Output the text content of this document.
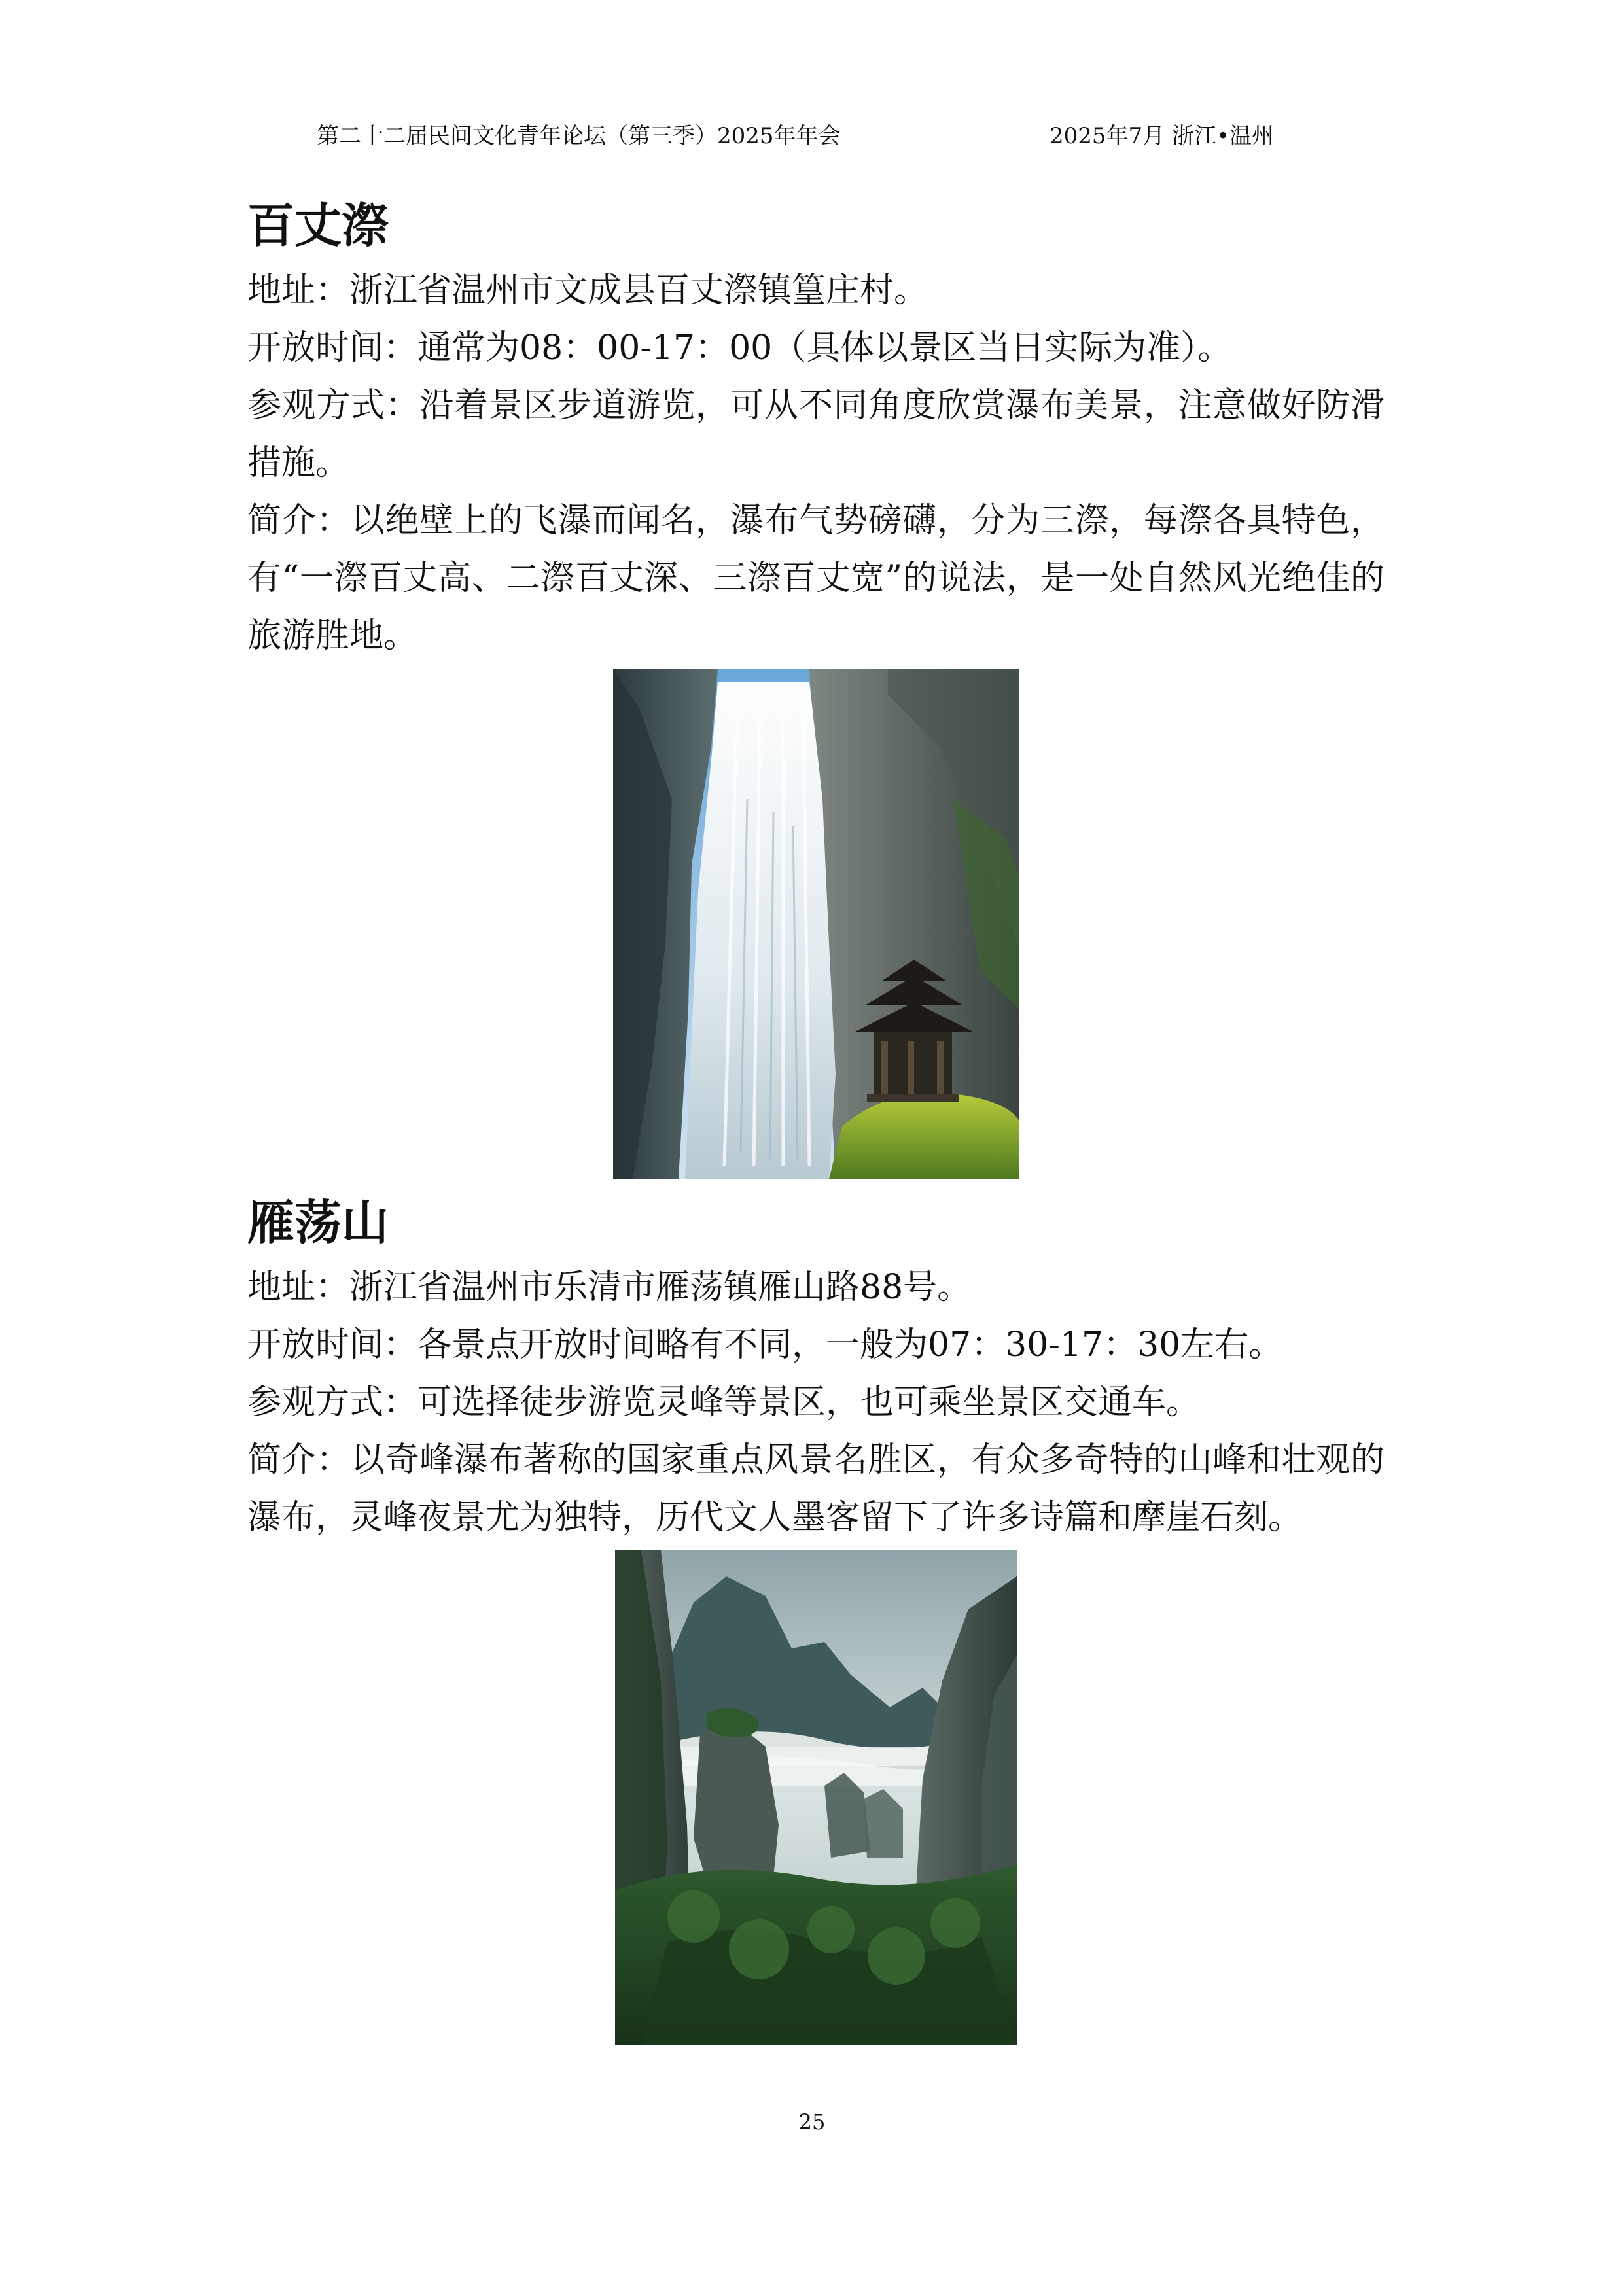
第二十二届民间文化青年论坛（第三季）2025年年会	2025年7月 浙江•温州
百丈漈

地址：浙江省温州市文成县百丈漈镇篁庄村。

开放时间：通常为08：00-17：00（具体以景区当日实际为准）。

参观方式：沿着景区步道游览，可从不同角度欣赏瀑布美景，注意做好防滑措施。

简介：以绝壁上的飞瀑而闻名，瀑布气势磅礴，分为三漈，每漈各具特色，有“一漈百丈高、二漈百丈深、三漈百丈宽”的说法，是一处自然风光绝佳的旅游胜地。

雁荡山

地址：浙江省温州市乐清市雁荡镇雁山路88号。

开放时间：各景点开放时间略有不同，一般为07：30-17：30左右。

参观方式：可选择徒步游览灵峰等景区，也可乘坐景区交通车。

简介：以奇峰瀑布著称的国家重点风景名胜区，有众多奇特的山峰和壮观的瀑布，灵峰夜景尤为独特，历代文人墨客留下了许多诗篇和摩崖石刻。

25
